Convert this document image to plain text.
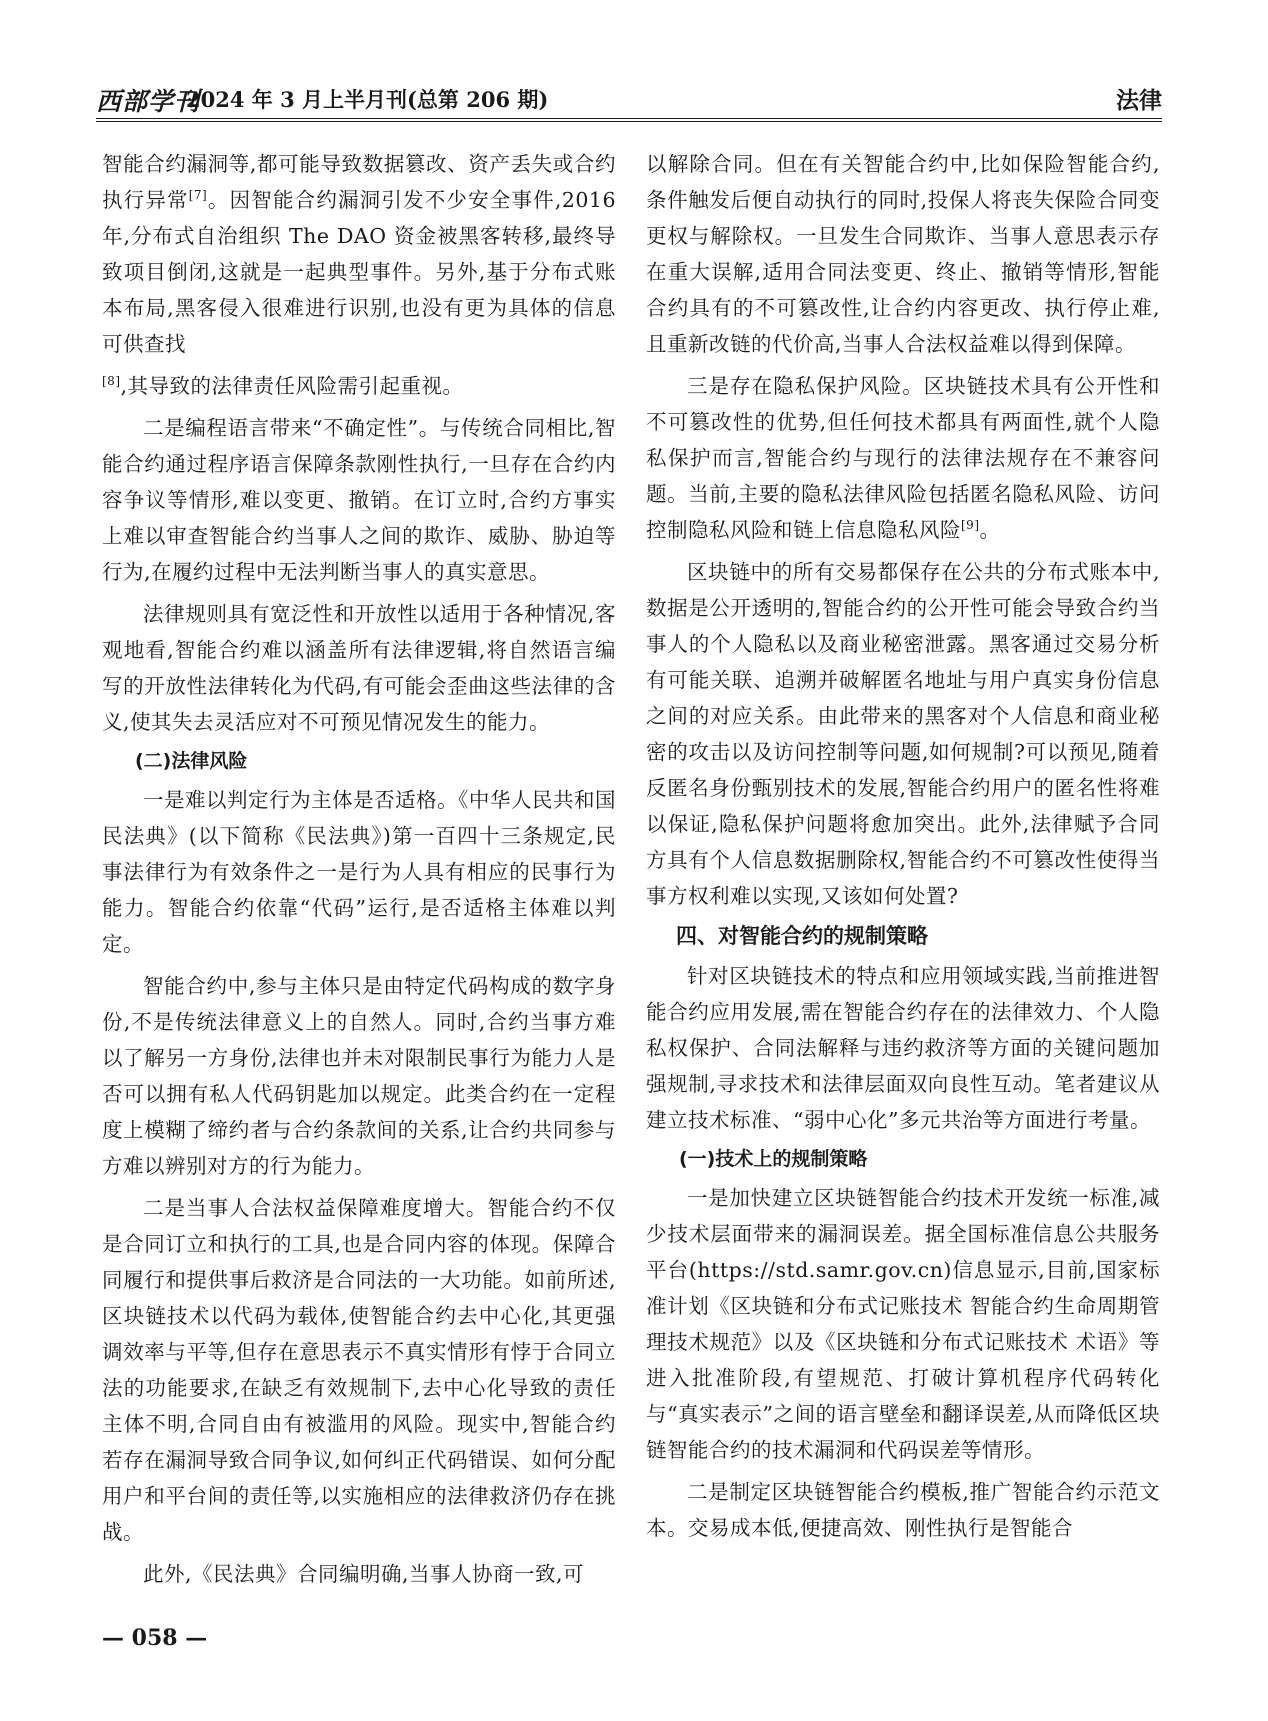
西部学刊
2024 年 3 月上半月刊(总第 206 期)	法律

智能合约漏洞等,都可能导致数据篡改、资产丢失或合约执行异常[7]。因智能合约漏洞引发不少安全事件,2016 年,分布式自治组织 The DAO 资金被黑客转移,最终导致项目倒闭,这就是一起典型事件。另外,基于分布式账本布局,黑客侵入很难进行识别,也没有更为具体的信息可供查找

[8],其导致的法律责任风险需引起重视。

二是编程语言带来“不确定性”。与传统合同相比,智能合约通过程序语言保障条款刚性执行,一旦存在合约内容争议等情形,难以变更、撤销。在订立时,合约方事实上难以审查智能合约当事人之间的欺诈、威胁、胁迫等行为,在履约过程中无法判断当事人的真实意思。

法律规则具有宽泛性和开放性以适用于各种情况,客观地看,智能合约难以涵盖所有法律逻辑,将自然语言编写的开放性法律转化为代码,有可能会歪曲这些法律的含义,使其失去灵活应对不可预见情况发生的能力。

(二)法律风险

一是难以判定行为主体是否适格。《中华人民共和国民法典》(以下简称《民法典》)第一百四十三条规定,民事法律行为有效条件之一是行为人具有相应的民事行为能力。智能合约依靠“代码”运行,是否适格主体难以判定。

智能合约中,参与主体只是由特定代码构成的数字身份,不是传统法律意义上的自然人。同时,合约当事方难以了解另一方身份,法律也并未对限制民事行为能力人是否可以拥有私人代码钥匙加以规定。此类合约在一定程度上模糊了缔约者与合约条款间的关系,让合约共同参与方难以辨别对方的行为能力。

二是当事人合法权益保障难度增大。智能合约不仅是合同订立和执行的工具,也是合同内容的体现。保障合同履行和提供事后救济是合同法的一大功能。如前所述,区块链技术以代码为载体,使智能合约去中心化,其更强调效率与平等,但存在意思表示不真实情形有悖于合同立法的功能要求,在缺乏有效规制下,去中心化导致的责任主体不明,合同自由有被滥用的风险。现实中,智能合约若存在漏洞导致合同争议,如何纠正代码错误、如何分配用户和平台间的责任等,以实施相应的法律救济仍存在挑战。

此外,《民法典》合同编明确,当事人协商一致,可

以解除合同。但在有关智能合约中,比如保险智能合约,条件触发后便自动执行的同时,投保人将丧失保险合同变更权与解除权。一旦发生合同欺诈、当事人意思表示存在重大误解,适用合同法变更、终止、撤销等情形,智能合约具有的不可篡改性,让合约内容更改、执行停止难,且重新改链的代价高,当事人合法权益难以得到保障。

三是存在隐私保护风险。区块链技术具有公开性和不可篡改性的优势,但任何技术都具有两面性,就个人隐私保护而言,智能合约与现行的法律法规存在不兼容问题。当前,主要的隐私法律风险包括匿名隐私风险、访问控制隐私风险和链上信息隐私风险[9]。

区块链中的所有交易都保存在公共的分布式账本中,数据是公开透明的,智能合约的公开性可能会导致合约当事人的个人隐私以及商业秘密泄露。黑客通过交易分析有可能关联、追溯并破解匿名地址与用户真实身份信息之间的对应关系。由此带来的黑客对个人信息和商业秘密的攻击以及访问控制等问题,如何规制?可以预见,随着反匿名身份甄别技术的发展,智能合约用户的匿名性将难以保证,隐私保护问题将愈加突出。此外,法律赋予合同方具有个人信息数据删除权,智能合约不可篡改性使得当事方权利难以实现,又该如何处置?

四、对智能合约的规制策略

针对区块链技术的特点和应用领域实践,当前推进智能合约应用发展,需在智能合约存在的法律效力、个人隐私权保护、合同法解释与违约救济等方面的关键问题加强规制,寻求技术和法律层面双向良性互动。笔者建议从建立技术标准、“弱中心化”多元共治等方面进行考量。

(一)技术上的规制策略

一是加快建立区块链智能合约技术开发统一标准,减少技术层面带来的漏洞误差。据全国标准信息公共服务平台(https://std.samr.gov.cn)信息显示,目前,国家标准计划《区块链和分布式记账技术 智能合约生命周期管理技术规范》以及《区块链和分布式记账技术 术语》等进入批准阶段,有望规范、打破计算机程序代码转化与“真实表示”之间的语言壁垒和翻译误差,从而降低区块链智能合约的技术漏洞和代码误差等情形。

二是制定区块链智能合约模板,推广智能合约示范文本。交易成本低,便捷高效、刚性执行是智能合

— 058 —
